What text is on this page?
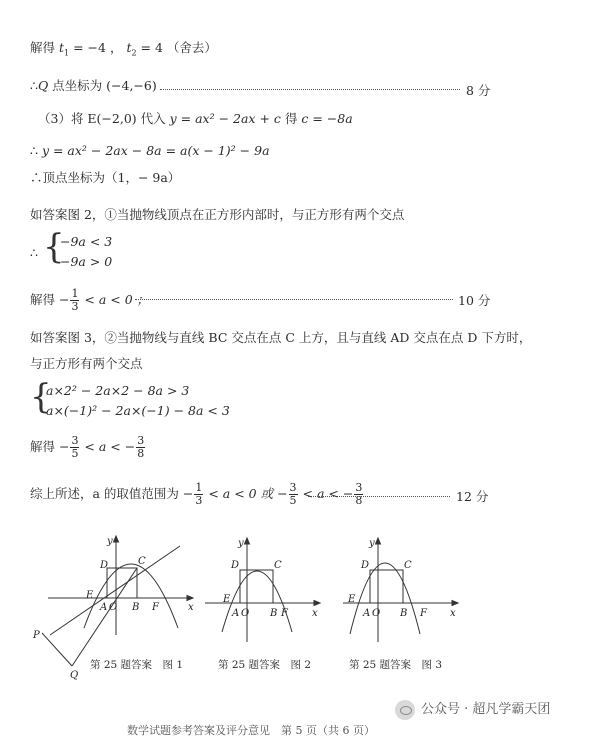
解得 $t_1 = -4$ ， $t_2 = 4$ （舍去）
∴Q 点坐标为 (−4,−6)	8 分
（3）将 E(−2,0) 代入 y = ax² − 2ax + c 得 c = −8a
∴ y = ax² − 2ax − 8a = a(x − 1)² − 9a
∴顶点坐标为（1，− 9a）
如答案图 2，①当抛物线顶点在正方形内部时，与正方形有两个交点
∴ {
−9a < 3
−9a > 0
解得 − $\frac{1}{3} < a < 0$ ；	10 分
如答案图 3，②当抛物线与直线 BC 交点在点 C 上方，且与直线 AD 交点在点 D 下方时，
与正方形有两个交点
{
a×2² − 2a×2 − 8a > 3
a×(−1)² − 2a×(−1) − 8a < 3
解得 − $\frac{3}{5} < a$ < − $\frac{3}{8}$
综上所述，a 的取值范围为 − $\frac{1}{3} < a < 0$ 或 − $\frac{3}{5} < a$ < − $\frac{3}{8}$	12 分
y
x
D	C
E
A O B F
P
Q
第 25 题答案　图 1
y
x
D	C
E
A O B F
第 25 题答案　图 2
y
x
D	C
E
A O B F
第 25 题答案　图 3
公众号 · 超凡学霸天团
数学试题参考答案及评分意见　第 5 页（共 6 页）
